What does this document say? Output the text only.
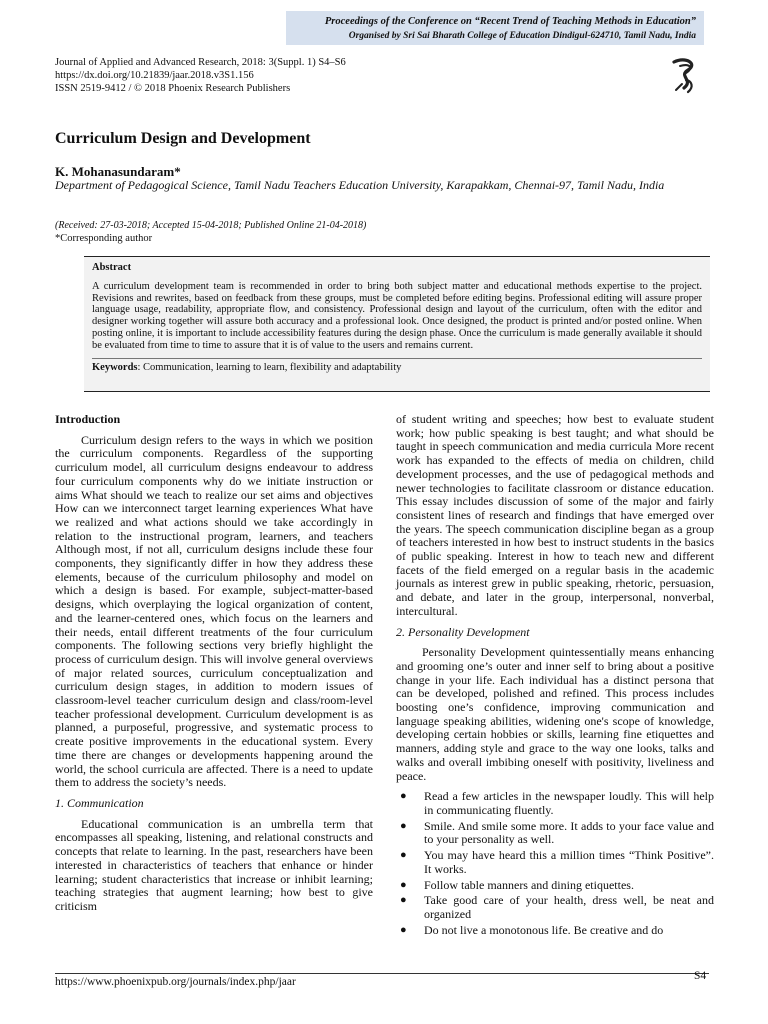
Proceedings of the Conference on “Recent Trend of Teaching Methods in Education”
Organised by Sri Sai Bharath College of Education Dindigul-624710, Tamil Nadu, India
Journal of Applied and Advanced Research, 2018: 3(Suppl. 1) S4–S6
https://dx.doi.org/10.21839/jaar.2018.v3S1.156
ISSN 2519-9412 / © 2018 Phoenix Research Publishers
Curriculum Design and Development
K. Mohanasundaram*
Department of Pedagogical Science, Tamil Nadu Teachers Education University, Karapakkam, Chennai-97, Tamil Nadu, India
(Received: 27-03-2018; Accepted 15-04-2018; Published Online 21-04-2018)
*Corresponding author
Abstract
A curriculum development team is recommended in order to bring both subject matter and educational methods expertise to the project. Revisions and rewrites, based on feedback from these groups, must be completed before editing begins. Professional editing will assure proper language usage, readability, appropriate flow, and consistency. Professional design and layout of the curriculum, often with the editor and designer working together will assure both accuracy and a professional look. Once designed, the product is printed and/or posted online. When posting online, it is important to include accessibility features during the design phase. Once the curriculum is made generally available it should be evaluated from time to time to assure that it is of value to the users and remains current.
Keywords: Communication, learning to learn, flexibility and adaptability
Introduction

Curriculum design refers to the ways in which we position the curriculum components. Regardless of the supporting curriculum model, all curriculum designs endeavour to address four curriculum components why do we initiate instruction or aims What should we teach to realize our set aims and objectives How can we interconnect target learning experiences What have we realized and what actions should we take accordingly in relation to the instructional program, learners, and teachers Although most, if not all, curriculum designs include these four components, they significantly differ in how they address these elements, because of the curriculum philosophy and model on which a design is based. For example, subject-matter-based designs, which overplaying the logical organization of content, and the learner-centered ones, which focus on the learners and their needs, entail different treatments of the four curriculum components. The following sections very briefly highlight the process of curriculum design. This will involve general overviews of major related sources, curriculum conceptualization and curriculum design stages, in addition to modern issues of classroom-level teacher curriculum design and class/room-level teacher professional development. Curriculum development is as planned, a purposeful, progressive, and systematic process to create positive improvements in the educational system. Every time there are changes or developments happening around the world, the school curricula are affected. There is a need to update them to address the society’s needs.

1. Communication

Educational communication is an umbrella term that encompasses all speaking, listening, and relational constructs and concepts that relate to learning. In the past, researchers have been interested in characteristics of teachers that enhance or hinder learning; student characteristics that increase or inhibit learning; teaching strategies that augment learning; how best to give criticism

of student writing and speeches; how best to evaluate student work; how public speaking is best taught; and what should be taught in speech communication and media curricula More recent work has expanded to the effects of media on children, child development processes, and the use of pedagogical methods and newer technologies to facilitate classroom or distance education. This essay includes discussion of some of the major and fairly consistent lines of research and findings that have emerged over the years. The speech communication discipline began as a group of teachers interested in how best to instruct students in the basics of public speaking. Interest in how to teach new and different facets of the field emerged on a regular basis in the academic journals as interest grew in public speaking, rhetoric, persuasion, and debate, and later in the group, interpersonal, nonverbal, intercultural.

2. Personality Development

Personality Development quintessentially means enhancing and grooming one’s outer and inner self to bring about a positive change in your life. Each individual has a distinct persona that can be developed, polished and refined. This process includes boosting one’s confidence, improving communication and language speaking abilities, widening one's scope of knowledge, developing certain hobbies or skills, learning fine etiquettes and manners, adding style and grace to the way one looks, talks and walks and overall imbibing oneself with positivity, liveliness and peace.

● Read a few articles in the newspaper loudly. This will help in communicating fluently.
● Smile. And smile some more. It adds to your face value and to your personality as well.
● You may have heard this a million times “Think Positive”. It works.
● Follow table manners and dining etiquettes.
● Take good care of your health, dress well, be neat and organized
● Do not live a monotonous life. Be creative and do
https://www.phoenixpub.org/journals/index.php/jaar	S4
